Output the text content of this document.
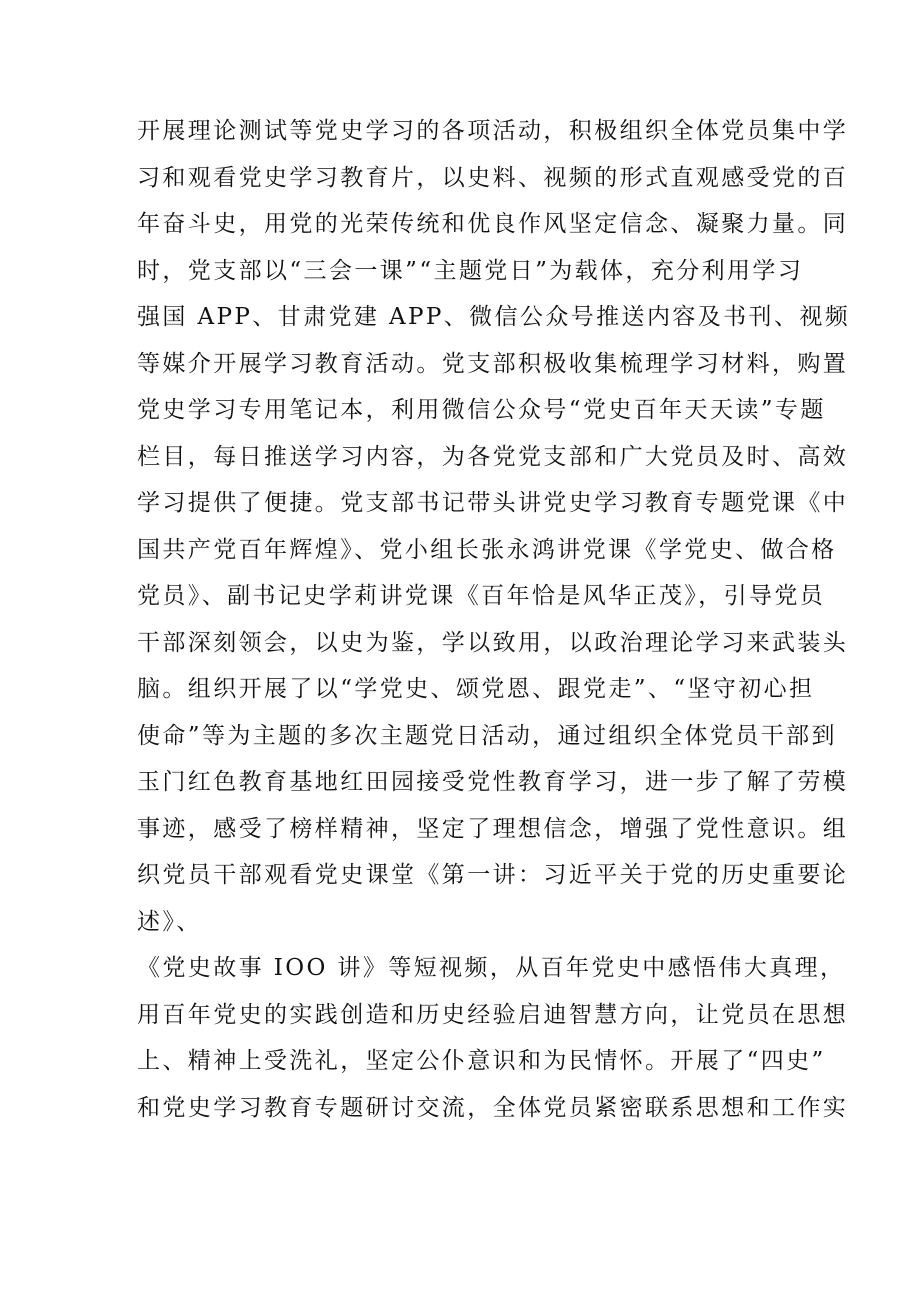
开展理论测试等党史学习的各项活动，积极组织全体党员集中学
习和观看党史学习教育片，以史料、视频的形式直观感受党的百
年奋斗史，用党的光荣传统和优良作风坚定信念、凝聚力量。同
时，党支部以“三会一课”“主题党日”为载体，充分利用学习
强国 APP、甘肃党建 APP、微信公众号推送内容及书刊、视频
等媒介开展学习教育活动。党支部积极收集梳理学习材料，购置
党史学习专用笔记本，利用微信公众号“党史百年天天读”专题
栏目，每日推送学习内容，为各党党支部和广大党员及时、高效
学习提供了便捷。党支部书记带头讲党史学习教育专题党课《中
国共产党百年辉煌》、党小组长张永鸿讲党课《学党史、做合格
党员》、副书记史学莉讲党课《百年恰是风华正茂》，引导党员
干部深刻领会，以史为鉴，学以致用，以政治理论学习来武装头
脑。组织开展了以“学党史、颂党恩、跟党走”、“坚守初心担
使命”等为主题的多次主题党日活动，通过组织全体党员干部到
玉门红色教育基地红田园接受党性教育学习，进一步了解了劳模
事迹，感受了榜样精神，坚定了理想信念，增强了党性意识。组
织党员干部观看党史课堂《第一讲：习近平关于党的历史重要论
述》、
《党史故事 IOO 讲》等短视频，从百年党史中感悟伟大真理，
用百年党史的实践创造和历史经验启迪智慧方向，让党员在思想
上、精神上受洗礼，坚定公仆意识和为民情怀。开展了“四史”
和党史学习教育专题研讨交流，全体党员紧密联系思想和工作实
